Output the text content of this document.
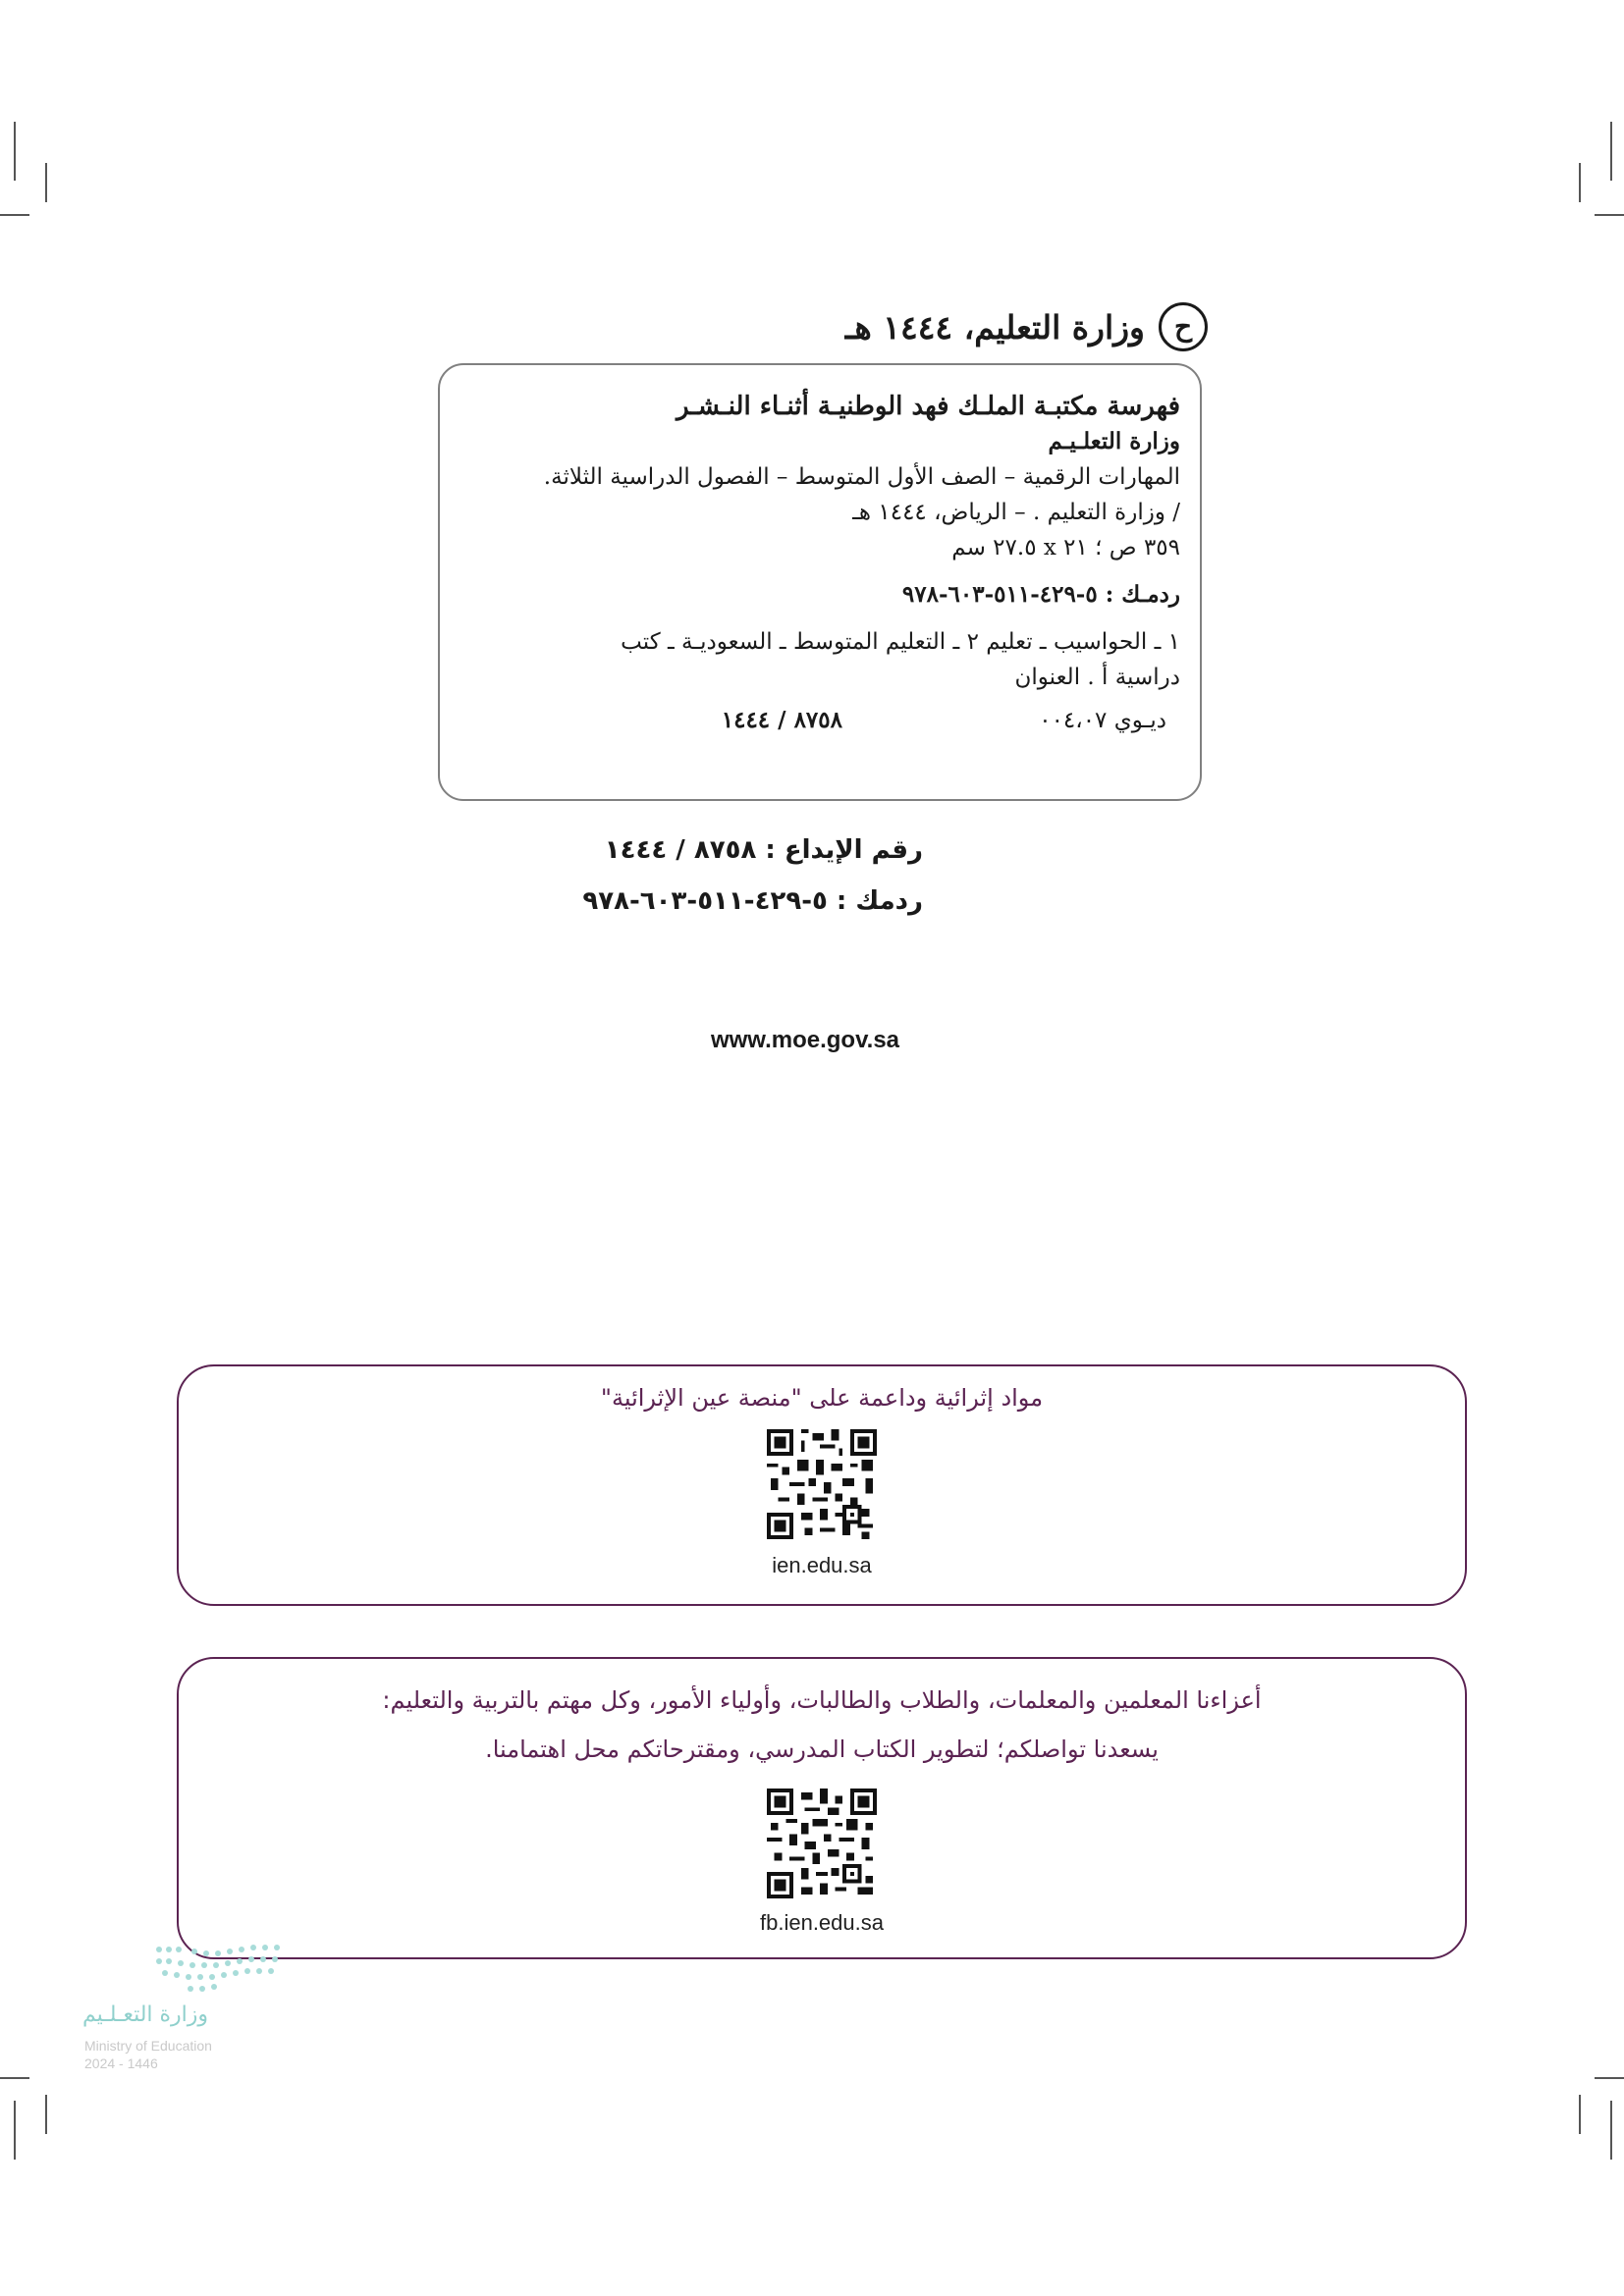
ح
وزارة التعليم، ١٤٤٤ هـ
فهرسة مكتبـة الملـك فهد الوطنيـة أثنـاء النـشـر
وزارة التعلـيـم
المهارات الرقمية – الصف الأول المتوسط – الفصول الدراسية الثلاثة.
/ وزارة التعليم . – الرياض، ١٤٤٤ هـ
٣٥٩ ص ؛ ٢١ x ٢٧.٥ سم
ردمـك : ٥-٤٢٩-٥١١-٦٠٣-٩٧٨
١ ـ الحواسيب ـ تعليم ٢ ـ التعليم المتوسط ـ السعوديـة ـ كتب
دراسية أ . العنوان
ديـوي ٠٠٤،٠٧
٨٧٥٨ / ١٤٤٤
رقم الإيداع : ٨٧٥٨ / ١٤٤٤
ردمك : ٥-٤٢٩-٥١١-٦٠٣-٩٧٨
www.moe.gov.sa
مواد إثرائية وداعمة على "منصة عين الإثرائية"
ien.edu.sa
أعزاءنا المعلمين والمعلمات، والطلاب والطالبات، وأولياء الأمور، وكل مهتم بالتربية والتعليم:
يسعدنا تواصلكم؛ لتطوير الكتاب المدرسي، ومقترحاتكم محل اهتمامنا.
fb.ien.edu.sa
وزارة التعـلـيم
Ministry of Education
2024 - 1446
